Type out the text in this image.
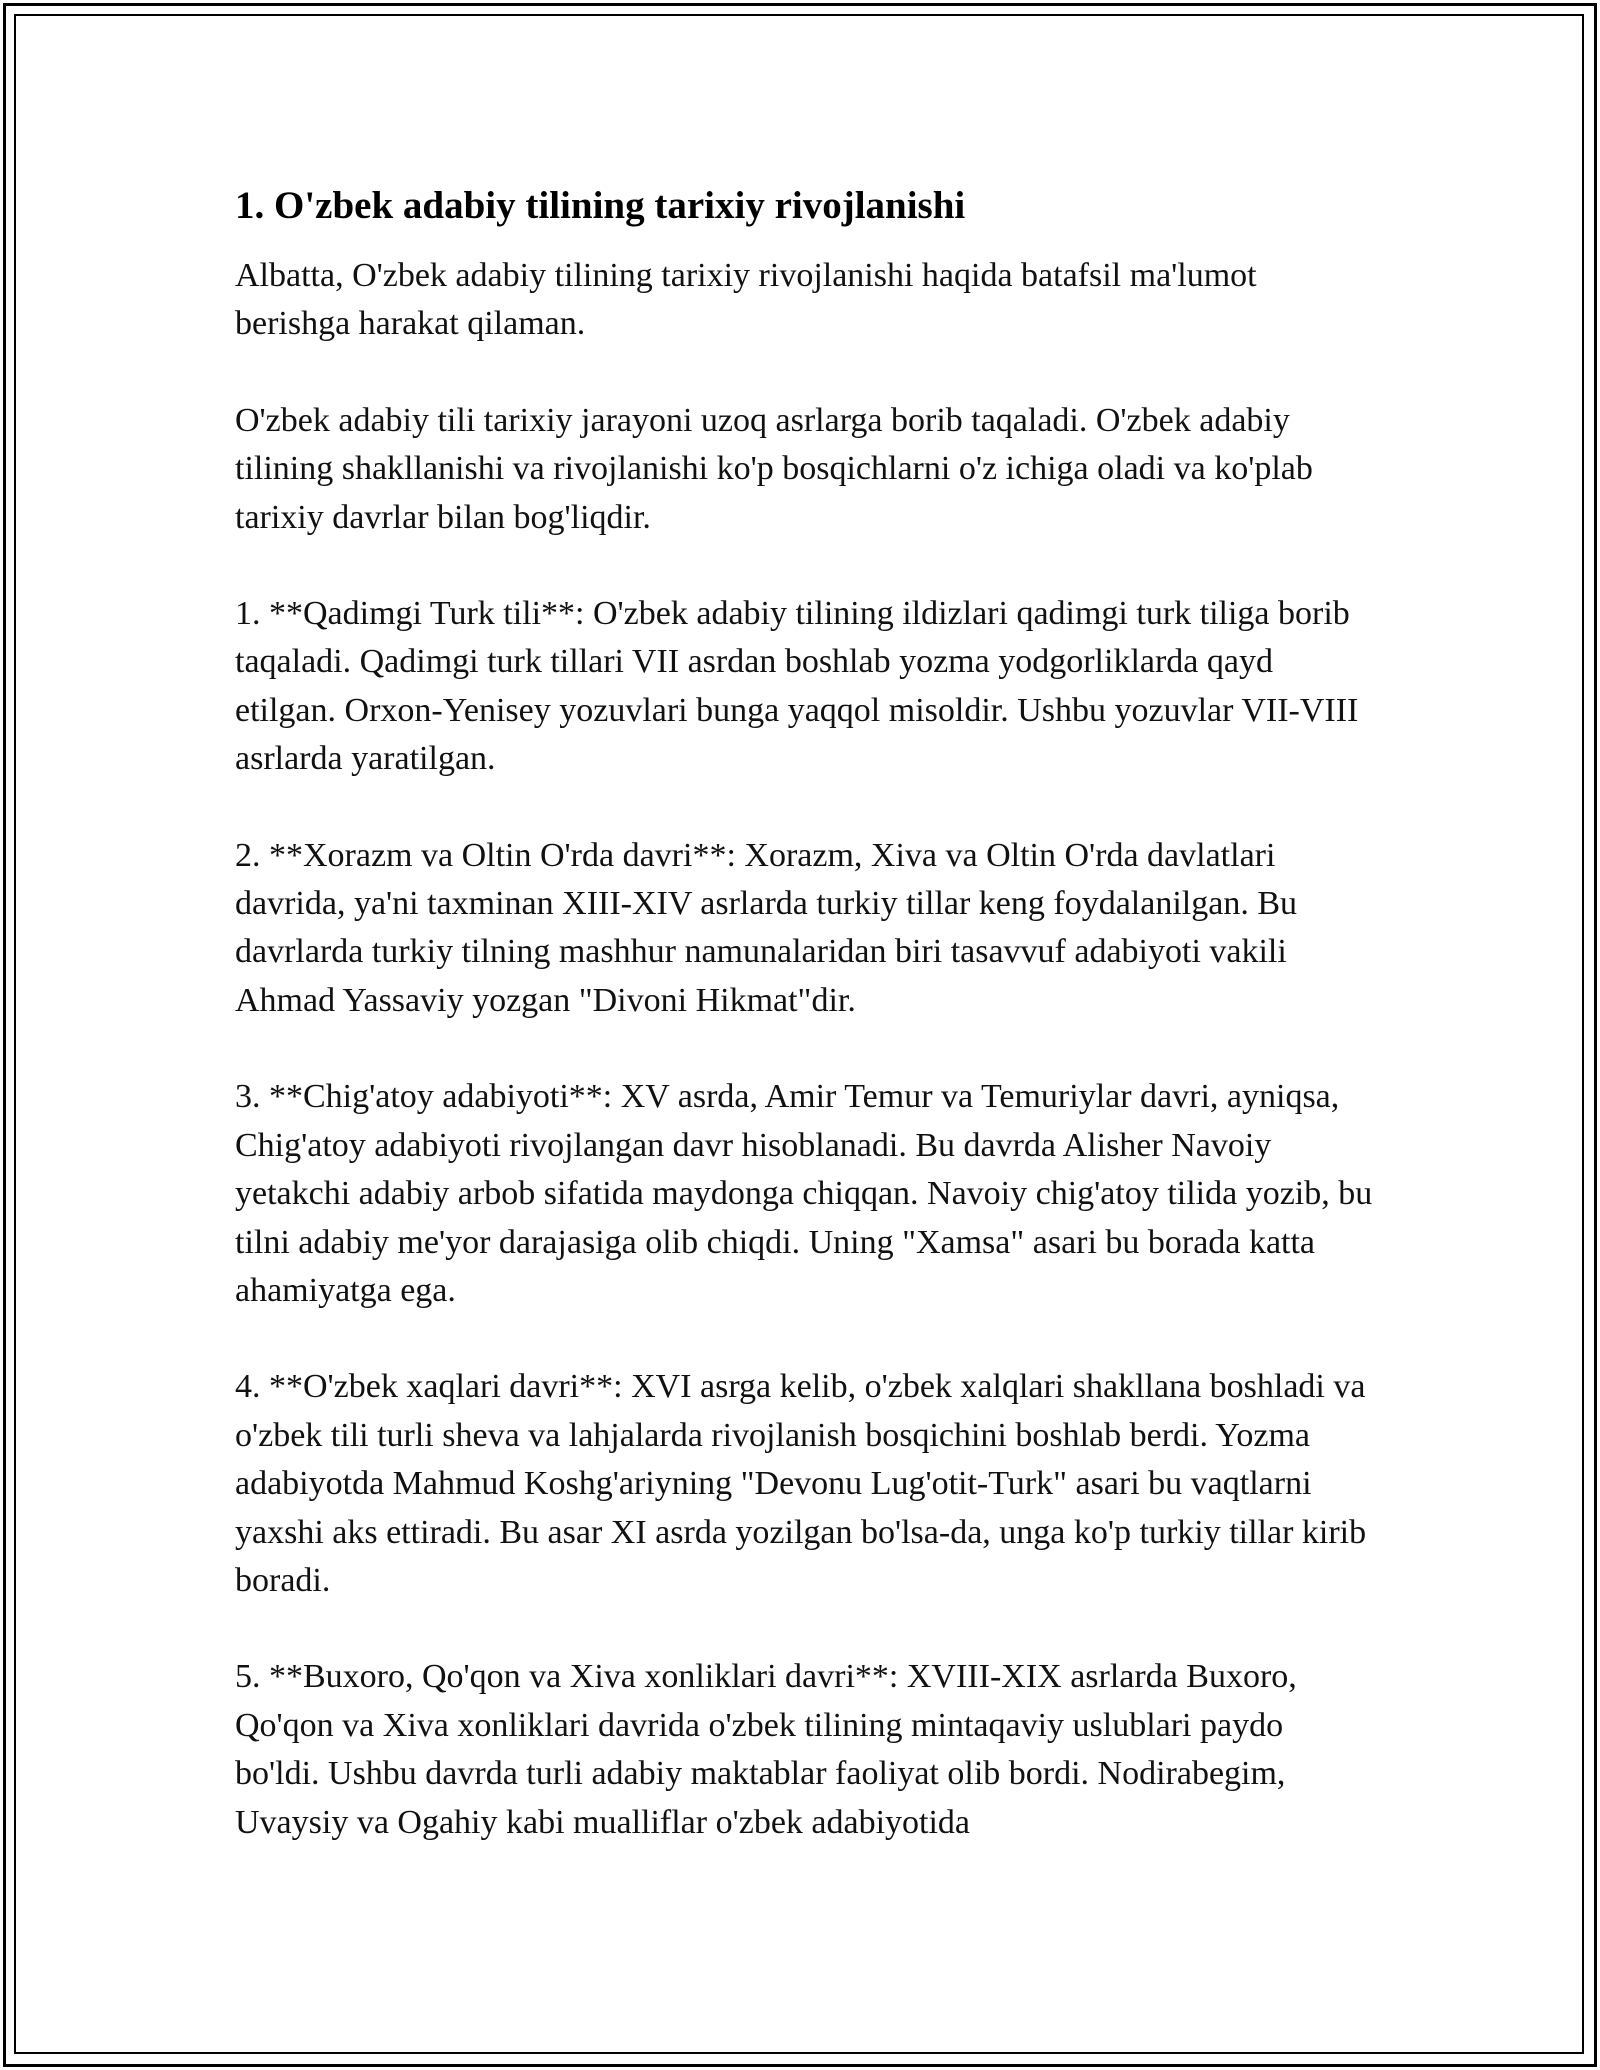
1. O'zbek adabiy tilining tarixiy rivojlanishi

Albatta, O'zbek adabiy tilining tarixiy rivojlanishi haqida batafsil ma'lumot berishga harakat qilaman.

O'zbek adabiy tili tarixiy jarayoni uzoq asrlarga borib taqaladi. O'zbek adabiy tilining shakllanishi va rivojlanishi ko'p bosqichlarni o'z ichiga oladi va ko'plab tarixiy davrlar bilan bog'liqdir.

1. **Qadimgi Turk tili**: O'zbek adabiy tilining ildizlari qadimgi turk tiliga borib taqaladi. Qadimgi turk tillari VII asrdan boshlab yozma yodgorliklarda qayd etilgan. Orxon-Yenisey yozuvlari bunga yaqqol misoldir. Ushbu yozuvlar VII-VIII asrlarda yaratilgan.

2. **Xorazm va Oltin O'rda davri**: Xorazm, Xiva va Oltin O'rda davlatlari davrida, ya'ni taxminan XIII-XIV asrlarda turkiy tillar keng foydalanilgan. Bu davrlarda turkiy tilning mashhur namunalaridan biri tasavvuf adabiyoti vakili Ahmad Yassaviy yozgan "Divoni Hikmat"dir.

3. **Chig'atoy adabiyoti**: XV asrda, Amir Temur va Temuriylar davri, ayniqsa, Chig'atoy adabiyoti rivojlangan davr hisoblanadi. Bu davrda Alisher Navoiy yetakchi adabiy arbob sifatida maydonga chiqqan. Navoiy chig'atoy tilida yozib, bu tilni adabiy me'yor darajasiga olib chiqdi. Uning "Xamsa" asari bu borada katta ahamiyatga ega.

4. **O'zbek xaqlari davri**: XVI asrga kelib, o'zbek xalqlari shakllana boshladi va o'zbek tili turli sheva va lahjalarda rivojlanish bosqichini boshlab berdi. Yozma adabiyotda Mahmud Koshg'ariyning "Devonu Lug'otit-Turk" asari bu vaqtlarni yaxshi aks ettiradi. Bu asar XI asrda yozilgan bo'lsa-da, unga ko'p turkiy tillar kirib boradi.

5. **Buxoro, Qo'qon va Xiva xonliklari davri**: XVIII-XIX asrlarda Buxoro, Qo'qon va Xiva xonliklari davrida o'zbek tilining mintaqaviy uslublari paydo bo'ldi. Ushbu davrda turli adabiy maktablar faoliyat olib bordi. Nodirabegim, Uvaysiy va Ogahiy kabi mualliflar o'zbek adabiyotida
